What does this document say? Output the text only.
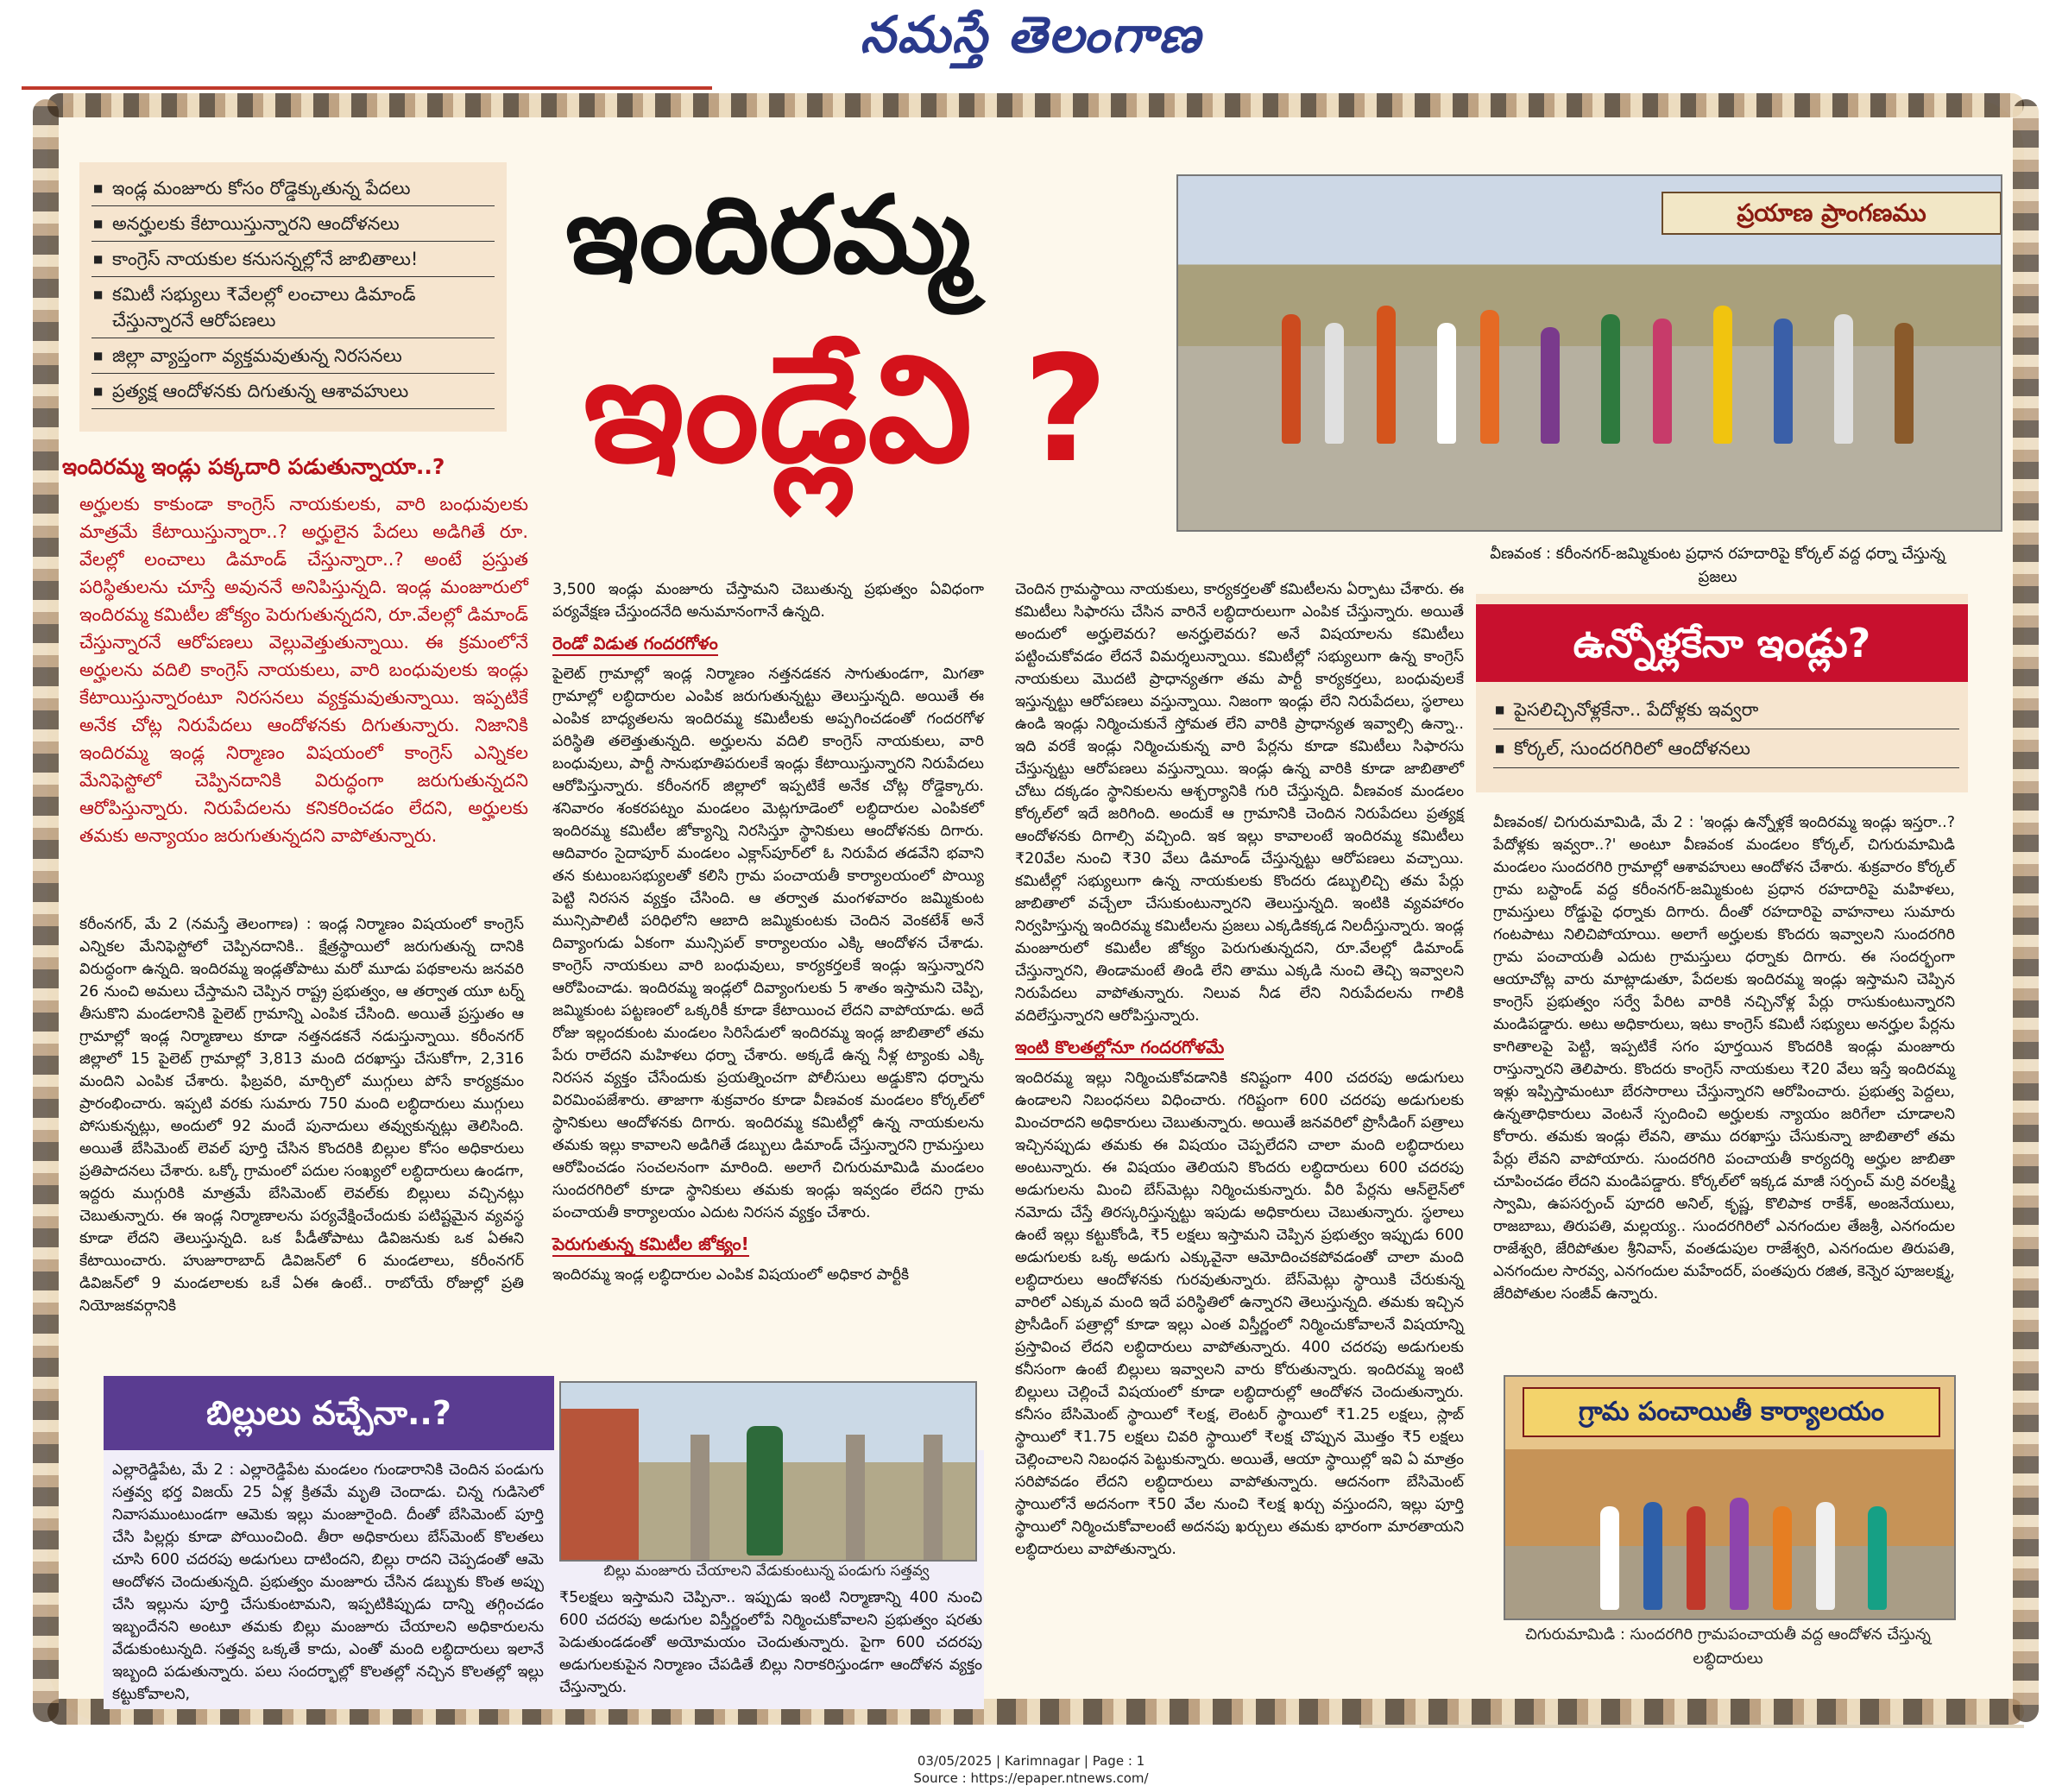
నమస్తే తెలంగాణ
■ ఇండ్ల మంజూరు కోసం రోడ్డెక్కుతున్న పేదలు
■ అనర్హులకు కేటాయిస్తున్నారని ఆందోళనలు
■ కాంగ్రెస్ నాయకుల కనుసన్నల్లోనే జాబితాలు!
■ కమిటీ సభ్యులు ₹వేలల్లో లంచాలు డిమాండ్ చేస్తున్నారనే ఆరోపణలు
■ జిల్లా వ్యాప్తంగా వ్యక్తమవుతున్న నిరసనలు
■ ప్రత్యక్ష ఆందోళనకు దిగుతున్న ఆశావహులు
ఇందిరమ్మ
ఇండ్లేవి ?
ప్రయాణ ప్రాంగణము
వీణవంక : కరీంనగర్-జమ్మికుంట ప్రధాన రహదారిపై కోర్కల్ వద్ద ధర్నా చేస్తున్న ప్రజలు
ఇందిరమ్మ ఇండ్లు పక్కదారి పడుతున్నాయా..?
అర్హులకు కాకుండా కాంగ్రెస్ నాయకులకు, వారి బంధువులకు మాత్రమే కేటాయిస్తున్నారా..? అర్హులైన పేదలు అడిగితే రూ. వేలల్లో లంచాలు డిమాండ్ చేస్తున్నారా..? అంటే ప్రస్తుత పరిస్థితులను చూస్తే అవుననే అనిపిస్తున్నది. ఇండ్ల మంజూరులో ఇందిరమ్మ కమిటీల జోక్యం పెరుగుతున్నదని, రూ.వేలల్లో డిమాండ్ చేస్తున్నారనే ఆరోపణలు వెల్లువెత్తుతున్నాయి. ఈ క్రమంలోనే అర్హులను వదిలి కాంగ్రెస్ నాయకులు, వారి బంధువులకు ఇండ్లు కేటాయిస్తున్నారంటూ నిరసనలు వ్యక్తమవుతున్నాయి. ఇప్పటికే అనేక చోట్ల నిరుపేదలు ఆందోళనకు దిగుతున్నారు. నిజానికి ఇందిరమ్మ ఇండ్ల నిర్మాణం విషయంలో కాంగ్రెస్ ఎన్నికల మేనిఫెస్టోలో చెప్పినదానికి విరుద్ధంగా జరుగుతున్నదని ఆరోపిస్తున్నారు. నిరుపేదలను కనికరించడం లేదని, అర్హులకు తమకు అన్యాయం జరుగుతున్నదని వాపోతున్నారు.
కరీంనగర్, మే 2 (నమస్తే తెలంగాణ) : ఇండ్ల నిర్మాణం విషయంలో కాంగ్రెస్ ఎన్నికల మేనిఫెస్టోలో చెప్పినదానికి.. క్షేత్రస్థాయిలో జరుగుతున్న దానికి విరుద్ధంగా ఉన్నది. ఇందిరమ్మ ఇండ్లతోపాటు మరో మూడు పథకాలను జనవరి 26 నుంచి అమలు చేస్తామని చెప్పిన రాష్ట్ర ప్రభుత్వం, ఆ తర్వాత యూ టర్న్ తీసుకొని మండలానికి పైలెట్ గ్రామాన్ని ఎంపిక చేసింది. అయితే ప్రస్తుతం ఆ గ్రామాల్లో ఇండ్ల నిర్మాణాలు కూడా నత్తనడకనే నడుస్తున్నాయి. కరీంనగర్ జిల్లాలో 15 పైలెట్ గ్రామాల్లో 3,813 మంది దరఖాస్తు చేసుకోగా, 2,316 మందిని ఎంపిక చేశారు. ఫిబ్రవరి, మార్చిలో ముగ్గులు పోసే కార్యక్రమం ప్రారంభించారు. ఇప్పటి వరకు సుమారు 750 మంది లబ్ధిదారులు ముగ్గులు పోసుకున్నట్లు, అందులో 92 మందే పునాదులు తవ్వుకున్నట్లు తెలిసింది. అయితే బేసిమెంట్ లెవల్ పూర్తి చేసిన కొందరికి బిల్లుల కోసం అధికారులు ప్రతిపాదనలు చేశారు. ఒక్కో గ్రామంలో పదుల సంఖ్యలో లబ్ధిదారులు ఉండగా, ఇద్దరు ముగ్గురికి మాత్రమే బేసిమెంట్ లెవల్‌కు బిల్లులు వచ్చినట్లు చెబుతున్నారు. ఈ ఇండ్ల నిర్మాణాలను పర్యవేక్షించేందుకు పటిష్టమైన వ్యవస్థ కూడా లేదని తెలుస్తున్నది. ఒక పీడీతోపాటు డివిజనుకు ఒక ఏఈని కేటాయించారు. హుజూరాబాద్ డివిజన్‌లో 6 మండలాలు, కరీంనగర్ డివిజన్‌లో 9 మండలాలకు ఒకే ఏఈ ఉంటే.. రాబోయే రోజుల్లో ప్రతి నియోజకవర్గానికి
3,500 ఇండ్లు మంజూరు చేస్తామని చెబుతున్న ప్రభుత్వం ఏవిధంగా పర్యవేక్షణ చేస్తుందనేది అనుమానంగానే ఉన్నది.
రెండో విడుత గందరగోళం
పైలెట్ గ్రామాల్లో ఇండ్ల నిర్మాణం నత్తనడకన సాగుతుండగా, మిగతా గ్రామాల్లో లబ్ధిదారుల ఎంపిక జరుగుతున్నట్టు తెలుస్తున్నది. అయితే ఈ ఎంపిక బాధ్యతలను ఇందిరమ్మ కమిటీలకు అప్పగించడంతో గందరగోళ పరిస్థితి తలెత్తుతున్నది. అర్హులను వదిలి కాంగ్రెస్ నాయకులు, వారి బంధువులు, పార్టీ సానుభూతిపరులకే ఇండ్లు కేటాయిస్తున్నారని నిరుపేదలు ఆరోపిస్తున్నారు. కరీంనగర్ జిల్లాలో ఇప్పటికే అనేక చోట్ల రోడ్డెక్కారు. శనివారం శంకరపట్నం మండలం మెట్లగూడెంలో లబ్ధిదారుల ఎంపికలో ఇందిరమ్మ కమిటీల జోక్యాన్ని నిరసిస్తూ స్థానికులు ఆందోళనకు దిగారు. ఆదివారం సైదాపూర్ మండలం ఎక్లాస్‌పూర్‌లో ఓ నిరుపేద తడవేని భవాని తన కుటుంబసభ్యులతో కలిసి గ్రామ పంచాయతీ కార్యాలయంలో పొయ్యి పెట్టి నిరసన వ్యక్తం చేసింది. ఆ తర్వాత మంగళవారం జమ్మికుంట మున్సిపాలిటీ పరిధిలోని ఆబాది జమ్మికుంటకు చెందిన వెంకటేశ్ అనే దివ్యాంగుడు ఏకంగా మున్సిపల్ కార్యాలయం ఎక్కి ఆందోళన చేశాడు. కాంగ్రెస్ నాయకులు వారి బంధువులు, కార్యకర్తలకే ఇండ్లు ఇస్తున్నారని ఆరోపించాడు. ఇందిరమ్మ ఇండ్లలో దివ్యాంగులకు 5 శాతం ఇస్తామని చెప్పి, జమ్మికుంట పట్టణంలో ఒక్కరికీ కూడా కేటాయించ లేదని వాపోయాడు. అదే రోజు ఇల్లందకుంట మండలం సిరిసేడులో ఇందిరమ్మ ఇండ్ల జాబితాలో తమ పేరు రాలేదని మహిళలు ధర్నా చేశారు. అక్కడే ఉన్న నీళ్ల ట్యాంకు ఎక్కి నిరసన వ్యక్తం చేసేందుకు ప్రయత్నించగా పోలీసులు అడ్డుకొని ధర్నాను విరమింపజేశారు. తాజాగా శుక్రవారం కూడా వీణవంక మండలం కోర్కల్‌లో స్థానికులు ఆందోళనకు దిగారు. ఇందిరమ్మ కమిటీల్లో ఉన్న నాయకులను తమకు ఇల్లు కావాలని అడిగితే డబ్బులు డిమాండ్ చేస్తున్నారని గ్రామస్తులు ఆరోపించడం సంచలనంగా మారింది. అలాగే చిగురుమామిడి మండలం సుందరగిరిలో కూడా స్థానికులు తమకు ఇండ్లు ఇవ్వడం లేదని గ్రామ పంచాయతీ కార్యాలయం ఎదుట నిరసన వ్యక్తం చేశారు.
పెరుగుతున్న కమిటీల జోక్యం!
ఇందిరమ్మ ఇండ్ల లబ్ధిదారుల ఎంపిక విషయంలో అధికార పార్టీకి
చెందిన గ్రామస్థాయి నాయకులు, కార్యకర్తలతో కమిటీలను ఏర్పాటు చేశారు. ఈ కమిటీలు సిఫారసు చేసిన వారినే లబ్ధిదారులుగా ఎంపిక చేస్తున్నారు. అయితే అందులో అర్హులెవరు? అనర్హులెవరు? అనే విషయాలను కమిటీలు పట్టించుకోవడం లేదనే విమర్శలున్నాయి. కమిటీల్లో సభ్యులుగా ఉన్న కాంగ్రెస్ నాయకులు మొదటి ప్రాధాన్యతగా తమ పార్టీ కార్యకర్తలు, బంధువులకే ఇస్తున్నట్టు ఆరోపణలు వస్తున్నాయి. నిజంగా ఇండ్లు లేని నిరుపేదలు, స్థలాలు ఉండి ఇండ్లు నిర్మించుకునే స్తోమత లేని వారికి ప్రాధాన్యత ఇవ్వాల్సి ఉన్నా.. ఇది వరకే ఇండ్లు నిర్మించుకున్న వారి పేర్లను కూడా కమిటీలు సిఫారసు చేస్తున్నట్టు ఆరోపణలు వస్తున్నాయి. ఇండ్లు ఉన్న వారికి కూడా జాబితాలో చోటు దక్కడం స్థానికులను ఆశ్చర్యానికి గురి చేస్తున్నది. వీణవంక మండలం కోర్కల్‌లో ఇదే జరిగింది. అందుకే ఆ గ్రామానికి చెందిన నిరుపేదలు ప్రత్యక్ష ఆందోళనకు దిగాల్సి వచ్చింది. ఇక ఇల్లు కావాలంటే ఇందిరమ్మ కమిటీలు ₹20వేల నుంచి ₹30 వేలు డిమాండ్ చేస్తున్నట్టు ఆరోపణలు వచ్చాయి. కమిటీల్లో సభ్యులుగా ఉన్న నాయకులకు కొందరు డబ్బులిచ్చి తమ పేర్లు జాబితాలో వచ్చేలా చేసుకుంటున్నారని తెలుస్తున్నది. ఇంటికి వ్యవహారం నిర్వహిస్తున్న ఇందిరమ్మ కమిటీలను ప్రజలు ఎక్కడికక్కడ నిలదీస్తున్నారు. ఇండ్ల మంజూరులో కమిటీల జోక్యం పెరుగుతున్నదని, రూ.వేలల్లో డిమాండ్ చేస్తున్నారని, తిండామంటే తిండి లేని తాము ఎక్కడి నుంచి తెచ్చి ఇవ్వాలని నిరుపేదలు వాపోతున్నారు. నిలువ నీడ లేని నిరుపేదలను గాలికి వదిలేస్తున్నారని ఆరోపిస్తున్నారు.
ఇంటి కొలతల్లోనూ గందరగోళమే
ఇందిరమ్మ ఇల్లు నిర్మించుకోవడానికి కనిష్టంగా 400 చదరపు అడుగులు ఉండాలని నిబంధనలు విధించారు. గరిష్టంగా 600 చదరపు అడుగులకు మించరాదని అధికారులు చెబుతున్నారు. అయితే జనవరిలో ప్రొసీడింగ్ పత్రాలు ఇచ్చినప్పుడు తమకు ఈ విషయం చెప్పలేదని చాలా మంది లబ్ధిదారులు అంటున్నారు. ఈ విషయం తెలియని కొందరు లబ్ధిదారులు 600 చదరపు అడుగులను మించి బేస్‌మెట్లు నిర్మించుకున్నారు. వీరి పేర్లను ఆన్‌లైన్‌లో నమోదు చేస్తే తిరస్కరిస్తున్నట్టు ఇపుడు అధికారులు చెబుతున్నారు. స్థలాలు ఉంటే ఇల్లు కట్టుకోండి, ₹5 లక్షలు ఇస్తామని చెప్పిన ప్రభుత్వం ఇప్పుడు 600 అడుగులకు ఒక్క అడుగు ఎక్కువైనా ఆమోదించకపోవడంతో చాలా మంది లబ్ధిదారులు ఆందోళనకు గురవుతున్నారు. బేస్‌మెట్లు స్థాయికి చేరుకున్న వారిలో ఎక్కువ మంది ఇదే పరిస్థితిలో ఉన్నారని తెలుస్తున్నది. తమకు ఇచ్చిన ప్రొసీడింగ్ పత్రాల్లో కూడా ఇల్లు ఎంత విస్తీర్ణంలో నిర్మించుకోవాలనే విషయాన్ని ప్రస్తావించ లేదని లబ్ధిదారులు వాపోతున్నారు. 400 చదరపు అడుగులకు కనీసంగా ఉంటే బిల్లులు ఇవ్వాలని వారు కోరుతున్నారు. ఇందిరమ్మ ఇంటి బిల్లులు చెల్లించే విషయంలో కూడా లబ్ధిదారుల్లో ఆందోళన చెందుతున్నారు. కనీసం బేసిమెంట్ స్థాయిలో ₹లక్ష, లెంటర్ స్థాయిలో ₹1.25 లక్షలు, స్లాబ్ స్థాయిలో ₹1.75 లక్షలు చివరి స్థాయిలో ₹లక్ష చొప్పున మొత్తం ₹5 లక్షలు చెల్లించాలని నిబంధన పెట్టుకున్నారు. అయితే, ఆయా స్థాయిల్లో ఇవి ఏ మాత్రం సరిపోవడం లేదని లబ్ధిదారులు వాపోతున్నారు. ఆదనంగా బేసిమెంట్ స్థాయిలోనే అదనంగా ₹50 వేల నుంచి ₹లక్ష ఖర్చు వస్తుందని, ఇల్లు పూర్తి స్థాయిలో నిర్మించుకోవాలంటే అదనపు ఖర్చులు తమకు భారంగా మారతాయని లబ్ధిదారులు వాపోతున్నారు.
ఉన్నోళ్లకేనా ఇండ్లు?
■ పైసలిచ్చినోళ్లకేనా.. పేదోళ్లకు ఇవ్వరా
■ కోర్కల్, సుందరగిరిలో ఆందోళనలు
వీణవంక/ చిగురుమామిడి, మే 2 : 'ఇండ్లు ఉన్నోళ్లకే ఇందిరమ్మ ఇండ్లు ఇస్తరా..? పేదోళ్లకు ఇవ్వరా..?' అంటూ వీణవంక మండలం కోర్కల్, చిగురుమామిడి మండలం సుందరగిరి గ్రామాల్లో ఆశావహులు ఆందోళన చేశారు. శుక్రవారం కోర్కల్ గ్రామ బస్టాండ్ వద్ద కరీంనగర్-జమ్మికుంట ప్రధాన రహదారిపై మహిళలు, గ్రామస్తులు రోడ్డుపై ధర్నాకు దిగారు. దీంతో రహదారిపై వాహనాలు సుమారు గంటపాటు నిలిచిపోయాయి. అలాగే అర్హులకు కొందరు ఇవ్వాలని సుందరగిరి గ్రామ పంచాయతీ ఎదుట గ్రామస్తులు ధర్నాకు దిగారు. ఈ సందర్భంగా ఆయాచోట్ల వారు మాట్లాడుతూ, పేదలకు ఇందిరమ్మ ఇండ్లు ఇస్తామని చెప్పిన కాంగ్రెస్ ప్రభుత్వం సర్వే పేరిట వారికి నచ్చినోళ్ల పేర్లు రాసుకుంటున్నారని మండిపడ్డారు. అటు అధికారులు, ఇటు కాంగ్రెస్ కమిటీ సభ్యులు అనర్హుల పేర్లను కాగితాలపై పెట్టి, ఇప్పటికే సగం పూర్తయిన కొందరికి ఇండ్లు మంజూరు రాస్తున్నారని తెలిపారు. కొందరు కాంగ్రెస్ నాయకులు ₹20 వేలు ఇస్తే ఇందిరమ్మ ఇళ్లు ఇప్పిస్తామంటూ బేరసారాలు చేస్తున్నారని ఆరోపించారు. ప్రభుత్వ పెద్దలు, ఉన్నతాధికారులు వెంటనే స్పందించి అర్హులకు న్యాయం జరిగేలా చూడాలని కోరారు. తమకు ఇండ్లు లేవని, తాము దరఖాస్తు చేసుకున్నా జాబితాలో తమ పేర్లు లేవని వాపోయారు. సుందరగిరి పంచాయతీ కార్యదర్శి అర్హుల జాబితా చూపించడం లేదని మండిపడ్డారు. కోర్కల్‌లో ఇక్కడ మాజీ సర్పంచ్ మర్రి వరలక్ష్మి స్వామి, ఉపసర్పంచ్ పూదరి అనిల్, కృష్ణ, కొలిపాక రాకేశ్, అంజనేయులు, రాజబాబు, తిరుపతి, మల్లయ్య.. సుందరగిరిలో ఎనగందుల తేజశ్రీ, ఎనగందుల రాజేశ్వరి, జేరిపోతుల శ్రీనివాస్, వంతడుపుల రాజేశ్వరి, ఎనగందుల తిరుపతి, ఎనగందుల సారవ్వ, ఎనగందుల మహేందర్, పంతపురు రజిత, కెన్నెర పూజలక్ష్మ, జేరిపోతుల సంజీవ్ ఉన్నారు.
గ్రామ పంచాయితీ కార్యాలయం
చిగురుమామిడి : సుందరగిరి గ్రామపంచాయతీ వద్ద ఆందోళన చేస్తున్న లబ్ధిదారులు
బిల్లులు వచ్చేనా..?
ఎల్లారెడ్డిపేట, మే 2 : ఎల్లారెడ్డిపేట మండలం గుండారానికి చెందిన పండుగు సత్తవ్వ భర్త విజయ్ 25 ఏళ్ల క్రితమే మృతి చెందాడు. చిన్న గుడిసెలో నివాసముంటుండగా ఆమెకు ఇల్లు మంజూరైంది. దీంతో బేసిమెంట్ పూర్తి చేసి పిల్లర్లు కూడా పోయించింది. తీరా అధికారులు బేస్‌మెంట్ కొలతలు చూసి 600 చదరపు అడుగులు దాటిందని, బిల్లు రాదని చెప్పడంతో ఆమె ఆందోళన చెందుతున్నది. ప్రభుత్వం మంజూరు చేసిన డబ్బుకు కొంత అప్పు చేసి ఇల్లును పూర్తి చేసుకుంటామని, ఇప్పటికిప్పుడు దాన్ని తగ్గించడం ఇబ్బందేనని అంటూ తమకు బిల్లు మంజూరు చేయాలని అధికారులను వేడుకుంటున్నది. సత్తవ్వ ఒక్కతే కాదు, ఎంతో మంది లబ్ధిదారులు ఇలానే ఇబ్బంది పడుతున్నారు. పలు సందర్భాల్లో కొలతల్లో నచ్చిన కొలతల్లో ఇల్లు కట్టుకోవాలని,
బిల్లు మంజూరు చేయాలని వేడుకుంటున్న పండుగు సత్తవ్వ
₹5లక్షలు ఇస్తామని చెప్పినా.. ఇప్పుడు ఇంటి నిర్మాణాన్ని 400 నుంచి 600 చదరపు అడుగుల విస్తీర్ణంలోపే నిర్మించుకోవాలని ప్రభుత్వం షరతు పెడుతుండడంతో అయోమయం చెందుతున్నారు. పైగా 600 చదరపు అడుగులకుపైన నిర్మాణం చేపడితే బిల్లు నిరాకరిస్తుండగా ఆందోళన వ్యక్తం చేస్తున్నారు.
03/05/2025 | Karimnagar | Page : 1
Source : https://epaper.ntnews.com/
